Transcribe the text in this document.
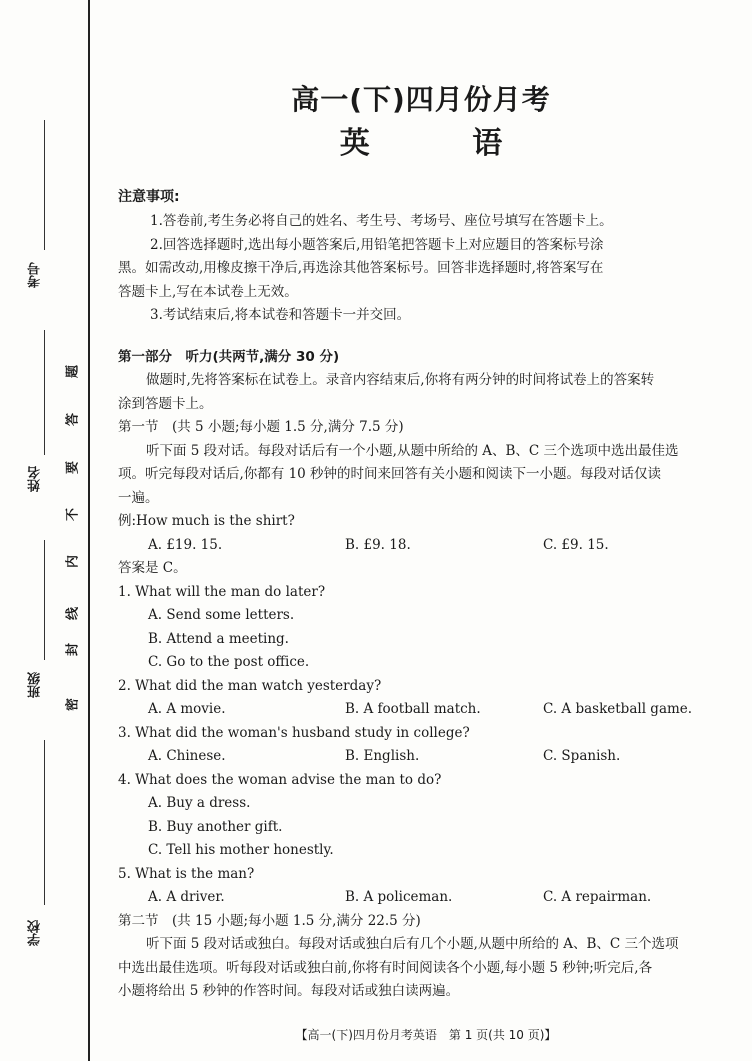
考号
姓名
班级
学校
密
封
线
内
不
要
答
题
高一(下)四月份月考
英 语
注意事项:

1.答卷前,考生务必将自己的姓名、考生号、考场号、座位号填写在答题卡上。

2.回答选择题时,选出每小题答案后,用铅笔把答题卡上对应题目的答案标号涂

黑。如需改动,用橡皮擦干净后,再选涂其他答案标号。回答非选择题时,将答案写在

答题卡上,写在本试卷上无效。

3.考试结束后,将本试卷和答题卡一并交回。

第一部分　听力(共两节,满分 30 分)

做题时,先将答案标在试卷上。录音内容结束后,你将有两分钟的时间将试卷上的答案转

涂到答题卡上。

第一节　(共 5 小题;每小题 1.5 分,满分 7.5 分)

听下面 5 段对话。每段对话后有一个小题,从题中所给的 A、B、C 三个选项中选出最佳选

项。听完每段对话后,你都有 10 秒钟的时间来回答有关小题和阅读下一小题。每段对话仅读

一遍。

例:How much is the shirt?

A. £19. 15.	B. £9. 18.	C. £9. 15.

答案是 C。

1. What will the man do later?

A. Send some letters.
B. Attend a meeting.
C. Go to the post office.

2. What did the man watch yesterday?

A. A movie.	B. A football match.	C. A basketball game.

3. What did the woman's husband study in college?

A. Chinese.	B. English.	C. Spanish.

4. What does the woman advise the man to do?

A. Buy a dress.
B. Buy another gift.
C. Tell his mother honestly.

5. What is the man?

A. A driver.	B. A policeman.	C. A repairman.

第二节　(共 15 小题;每小题 1.5 分,满分 22.5 分)

听下面 5 段对话或独白。每段对话或独白后有几个小题,从题中所给的 A、B、C 三个选项

中选出最佳选项。听每段对话或独白前,你将有时间阅读各个小题,每小题 5 秒钟;听完后,各

小题将给出 5 秒钟的作答时间。每段对话或独白读两遍。

【高一(下)四月份月考英语　第 1 页(共 10 页)】
